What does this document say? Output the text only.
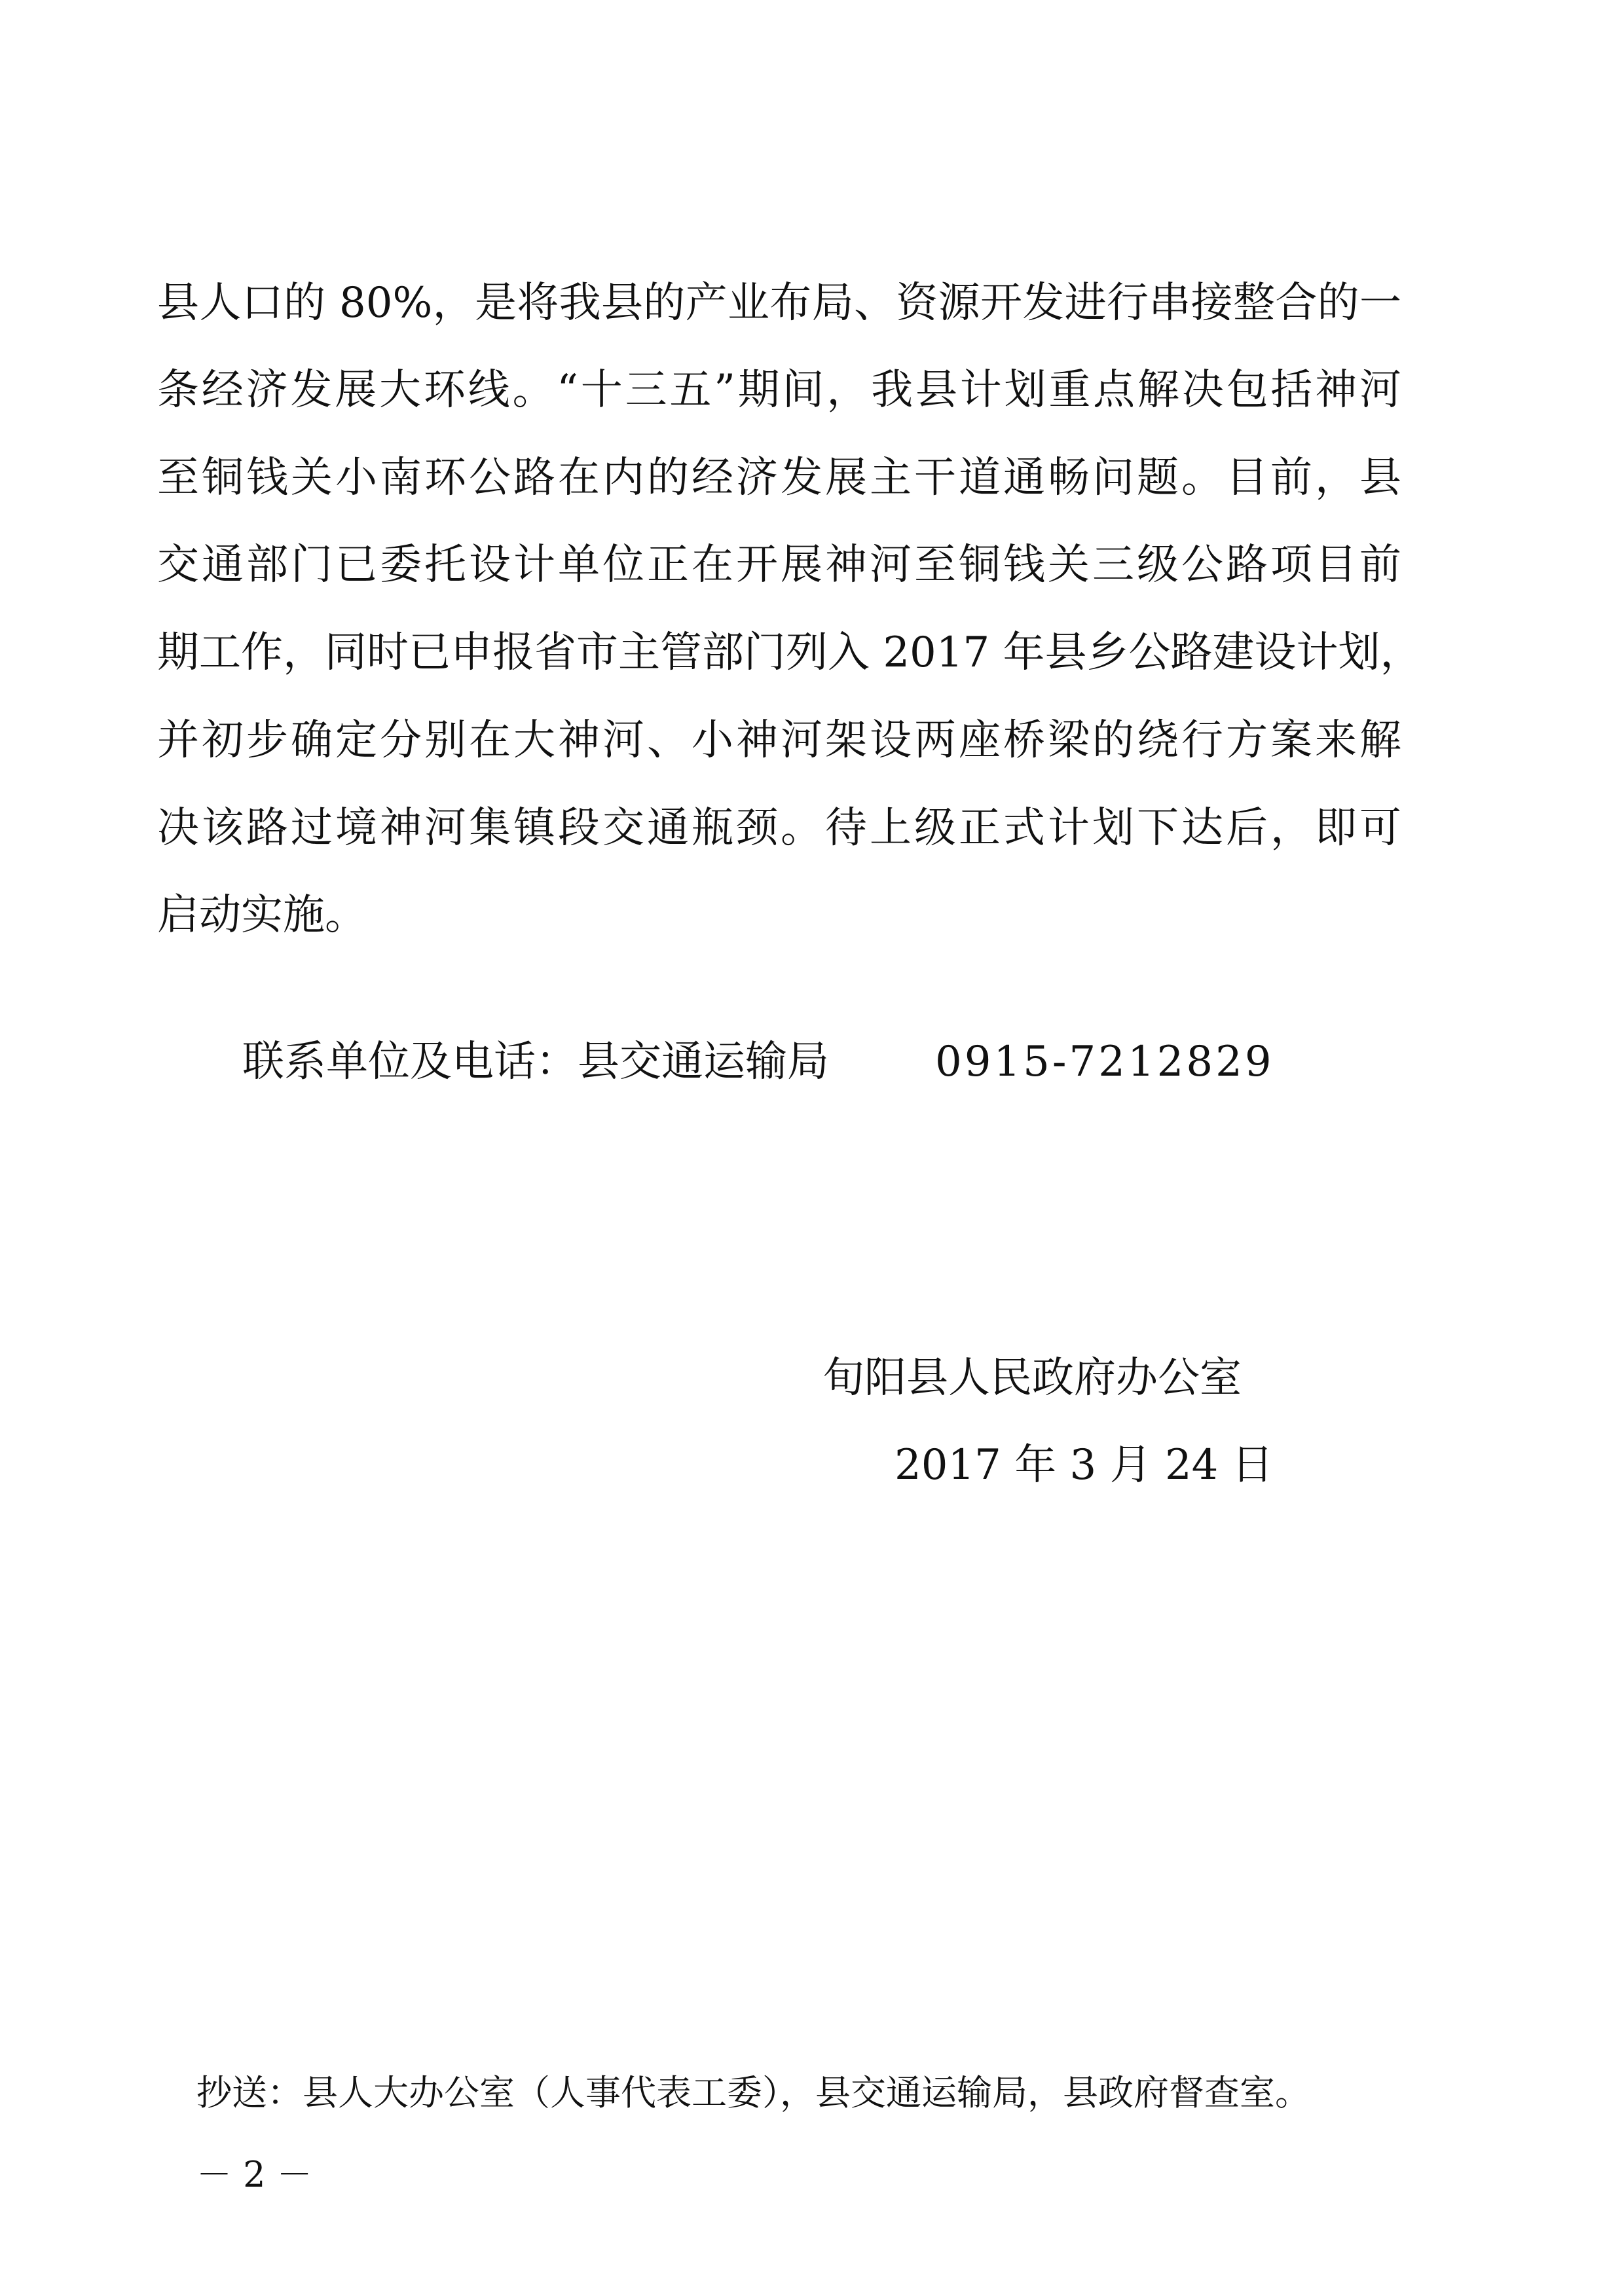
县人口的 80%，是将我县的产业布局、资源开发进行串接整合的一
条经济发展大环线。“十三五”期间，我县计划重点解决包括神河
至铜钱关小南环公路在内的经济发展主干道通畅问题。目前，县
交通部门已委托设计单位正在开展神河至铜钱关三级公路项目前
期工作，同时已申报省市主管部门列入 2017 年县乡公路建设计划，
并初步确定分别在大神河、小神河架设两座桥梁的绕行方案来解
决该路过境神河集镇段交通瓶颈。待上级正式计划下达后，即可
启动实施。
联系单位及电话：县交通运输局	0915-7212829
旬阳县人民政府办公室
2017 年 3 月 24 日
抄送：县人大办公室（人事代表工委），县交通运输局，县政府督查室。
－ 2 －
